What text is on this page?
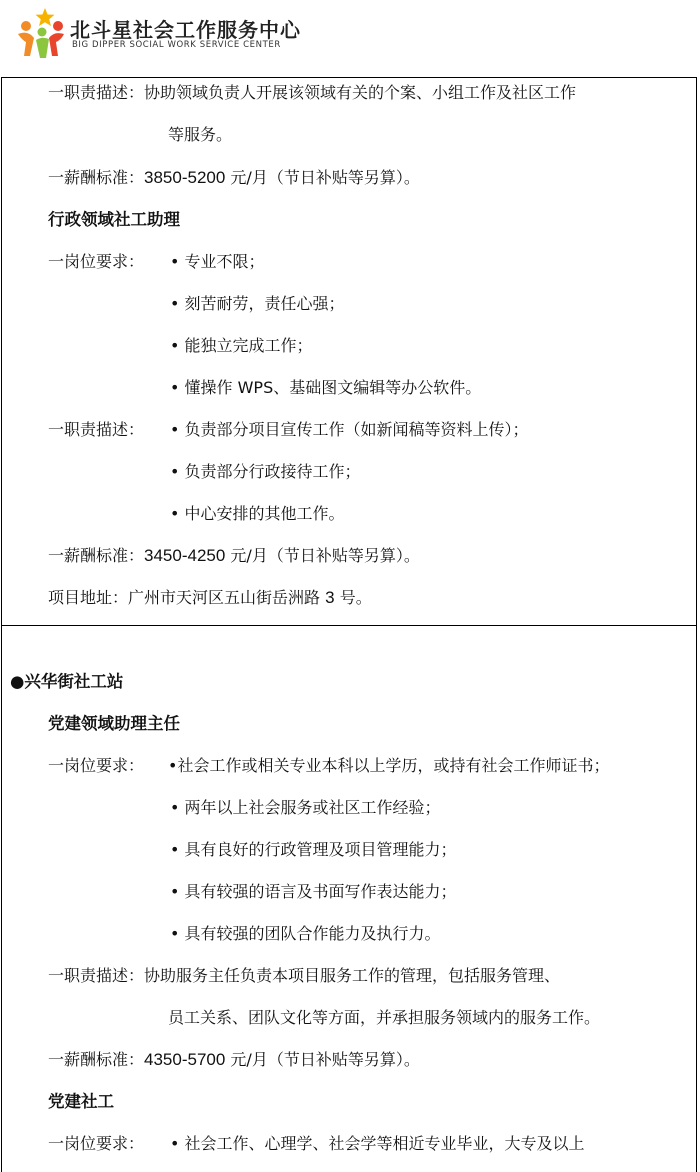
北斗星社会工作服务中心
BIG DIPPER SOCIAL WORK SERVICE CENTER
一职责描述：协助领域负责人开展该领域有关的个案、小组工作及社区工作
等服务。
一薪酬标准：3850-5200 元/月（节日补贴等另算）。
行政领域社工助理
一岗位要求： • 专业不限；
• 刻苦耐劳，责任心强；
• 能独立完成工作；
• 懂操作 WPS、基础图文编辑等办公软件。
一职责描述： • 负责部分项目宣传工作（如新闻稿等资料上传）；
• 负责部分行政接待工作；
• 中心安排的其他工作。
一薪酬标准：3450-4250 元/月（节日补贴等另算）。
项目地址：广州市天河区五山街岳洲路 3 号。
●兴华街社工站
党建领域助理主任
一岗位要求： •社会工作或相关专业本科以上学历，或持有社会工作师证书；
• 两年以上社会服务或社区工作经验；
• 具有良好的行政管理及项目管理能力；
• 具有较强的语言及书面写作表达能力；
• 具有较强的团队合作能力及执行力。
一职责描述：协助服务主任负责本项目服务工作的管理，包括服务管理、
员工关系、团队文化等方面，并承担服务领域内的服务工作。
一薪酬标准：4350-5700 元/月（节日补贴等另算）。
党建社工
一岗位要求： • 社会工作、心理学、社会学等相近专业毕业，大专及以上
